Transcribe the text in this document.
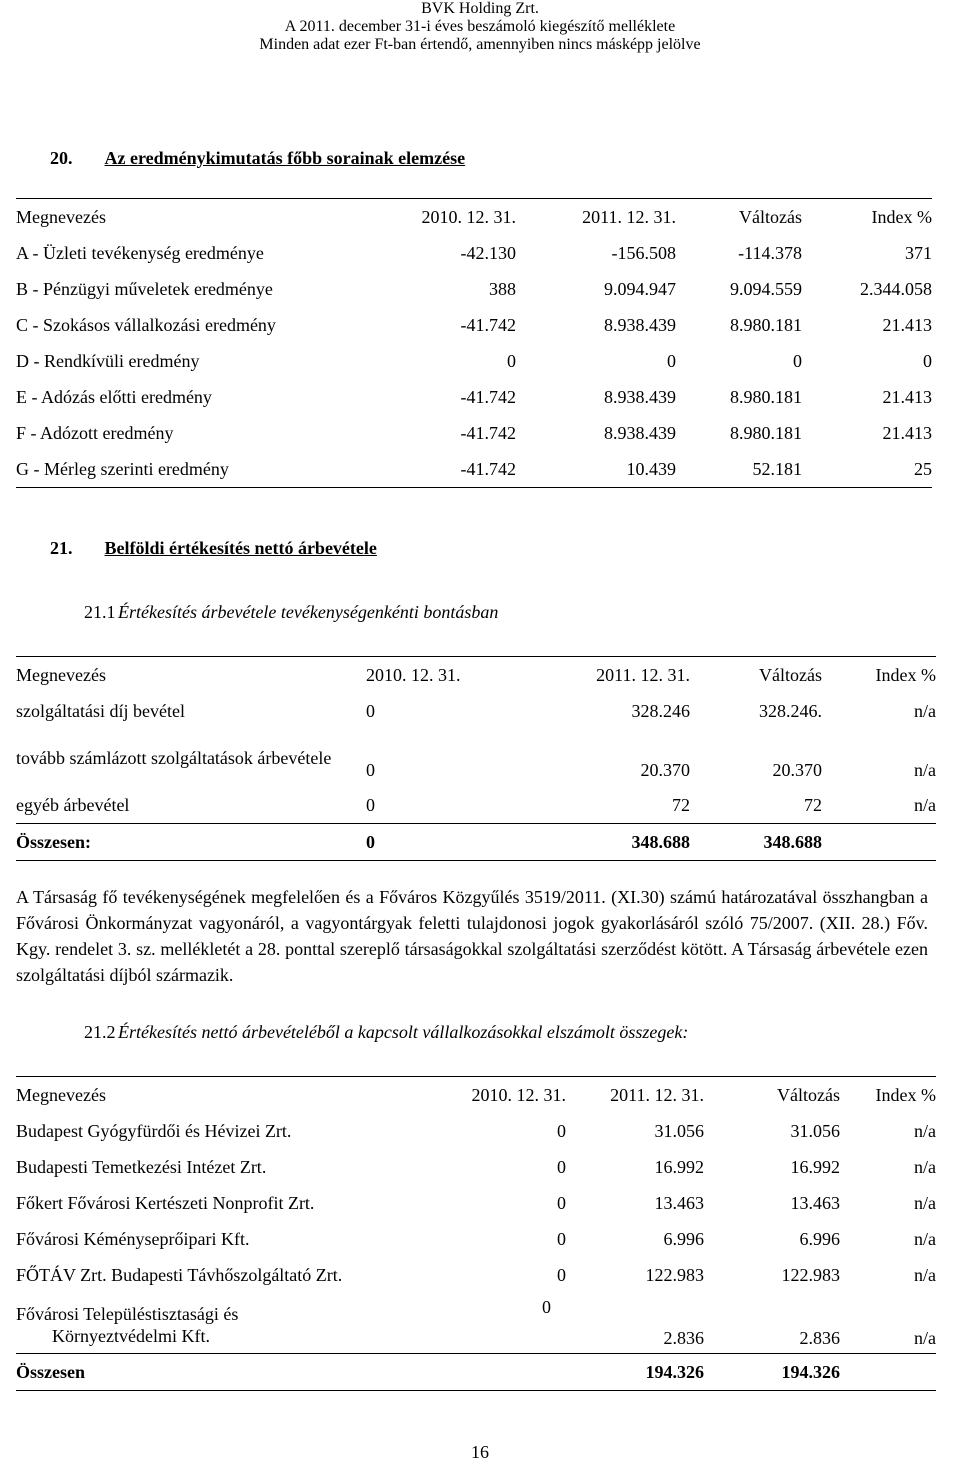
BVK Holding Zrt.
A 2011. december 31-i éves beszámoló kiegészítő melléklete
Minden adat ezer Ft-ban értendő, amennyiben nincs másképp jelölve
20. Az eredménykimutatás főbb sorainak elemzése
Megnevezés	2010. 12. 31.	2011. 12. 31.	Változás	Index %
A - Üzleti tevékenység eredménye	-42.130	-156.508	-114.378	371
B - Pénzügyi műveletek eredménye	388	9.094.947	9.094.559	2.344.058
C - Szokásos vállalkozási eredmény	-41.742	8.938.439	8.980.181	21.413
D - Rendkívüli eredmény	0	0	0	0
E - Adózás előtti eredmény	-41.742	8.938.439	8.980.181	21.413
F - Adózott eredmény	-41.742	8.938.439	8.980.181	21.413
G - Mérleg szerinti eredmény	-41.742	10.439	52.181	25
21. Belföldi értékesítés nettó árbevétele
21.1 Értékesítés árbevétele tevékenységenkénti bontásban
Megnevezés	2010. 12. 31.	2011. 12. 31.	Változás	Index %
szolgáltatási díj bevétel	0	328.246	328.246.	n/a
tovább számlázott szolgáltatások árbevétele	0	20.370	20.370	n/a
egyéb árbevétel	0	72	72	n/a
Összesen:	0	348.688	348.688	
A Társaság fő tevékenységének megfelelően és a Főváros Közgyűlés 3519/2011. (XI.30) számú határozatával összhangban a Fővárosi Önkormányzat vagyonáról, a vagyontárgyak feletti tulajdonosi jogok gyakorlásáról szóló 75/2007. (XII. 28.) Főv. Kgy. rendelet 3. sz. mellékletét a 28. ponttal szereplő társaságokkal szolgáltatási szerződést kötött. A Társaság árbevétele ezen szolgáltatási díjból származik.
21.2 Értékesítés nettó árbevételéből a kapcsolt vállalkozásokkal elszámolt összegek:
Megnevezés	2010. 12. 31.	2011. 12. 31.	Változás	Index %
Budapest Gyógyfürdői és Hévizei Zrt.	0	31.056	31.056	n/a
Budapesti Temetkezési Intézet Zrt.	0	16.992	16.992	n/a
Főkert Fővárosi Kertészeti Nonprofit Zrt.	0	13.463	13.463	n/a
Fővárosi Kéményseprőipari Kft.	0	6.996	6.996	n/a
FŐTÁV Zrt. Budapesti Távhőszolgáltató Zrt.	0	122.983	122.983	n/a

Fővárosi Településtisztasági és
Környeztvédelmi Kft.	0	2.836	2.836	n/a
Összesen		194.326	194.326	
16
